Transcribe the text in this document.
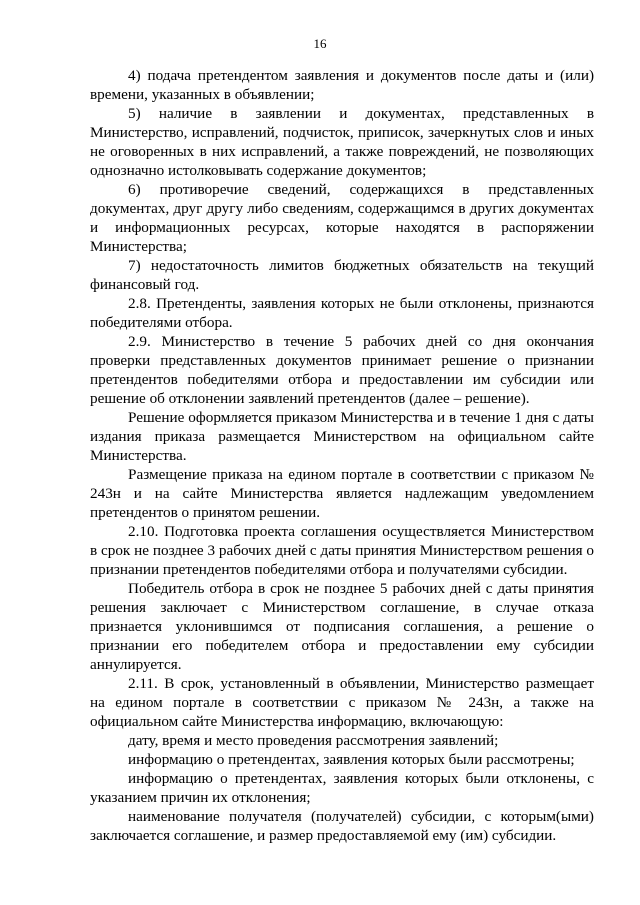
16

4) подача претендентом заявления и документов после даты и (или) времени, указанных в объявлении;

5) наличие в заявлении и документах, представленных в Министерство, исправлений, подчисток, приписок, зачеркнутых слов и иных не оговоренных в них исправлений, а также повреждений, не позволяющих однозначно истолковывать содержание документов;

6) противоречие сведений, содержащихся в представленных документах, друг другу либо сведениям, содержащимся в других документах и информационных ресурсах, которые находятся в распоряжении Министерства;

7) недостаточность лимитов бюджетных обязательств на текущий финансовый год.

2.8. Претенденты, заявления которых не были отклонены, признаются победителями отбора.

2.9. Министерство в течение 5 рабочих дней со дня окончания проверки представленных документов принимает решение о признании претендентов победителями отбора и предоставлении им субсидии или решение об отклонении заявлений претендентов (далее – решение).

Решение оформляется приказом Министерства и в течение 1 дня с даты издания приказа размещается Министерством на официальном сайте Министерства.

Размещение приказа на едином портале в соответствии с приказом № 243н и на сайте Министерства является надлежащим уведомлением претендентов о принятом решении.

2.10. Подготовка проекта соглашения осуществляется Министерством в срок не позднее 3 рабочих дней с даты принятия Министерством решения о признании претендентов победителями отбора и получателями субсидии.

Победитель отбора в срок не позднее 5 рабочих дней с даты принятия решения заключает с Министерством соглашение, в случае отказа признается уклонившимся от подписания соглашения, а решение о признании его победителем отбора и предоставлении ему субсидии аннулируется.

2.11. В срок, установленный в объявлении, Министерство размещает на едином портале в соответствии с приказом № 243н, а также на официальном сайте Министерства информацию, включающую:

дату, время и место проведения рассмотрения заявлений;

информацию о претендентах, заявления которых были рассмотрены;

информацию о претендентах, заявления которых были отклонены, с указанием причин их отклонения;

наименование получателя (получателей) субсидии, с которым(ыми) заключается соглашение, и размер предоставляемой ему (им) субсидии.
